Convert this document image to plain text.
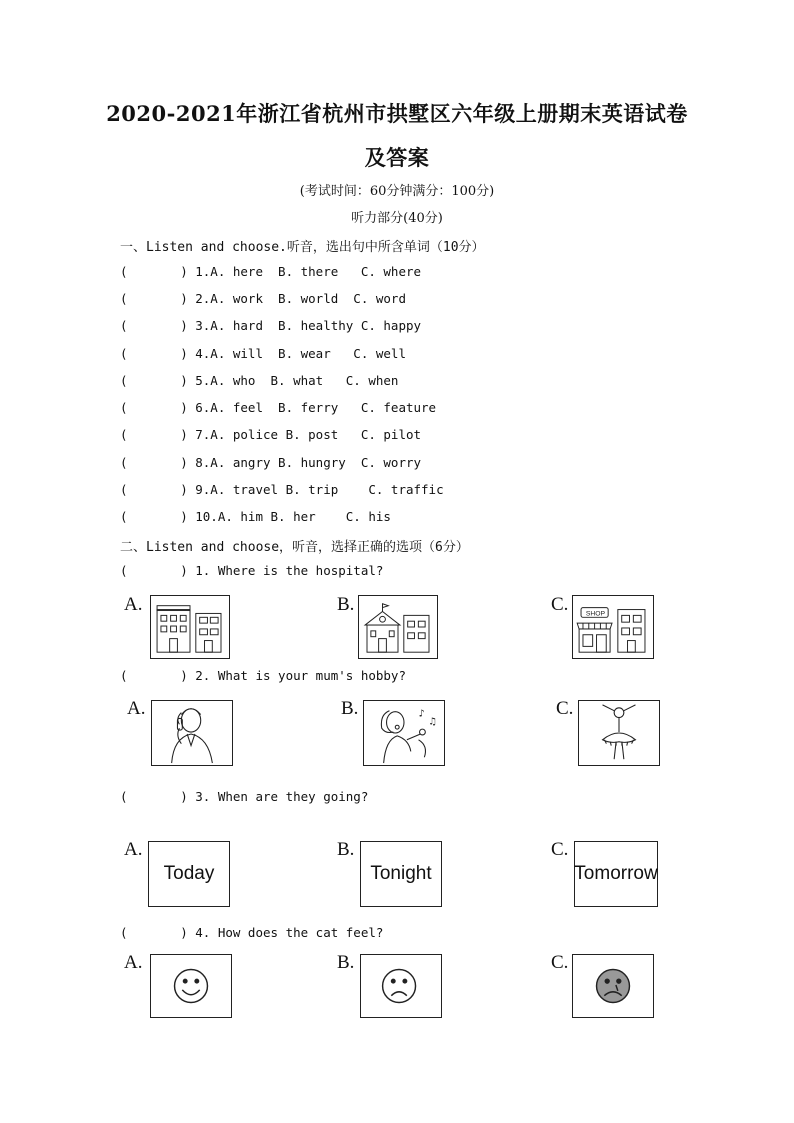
2020-2021年浙江省杭州市拱墅区六年级上册期末英语试卷
及答案
(考试时间：60分钟满分：100分)
听力部分(40分)
一、Listen and choose.听音，选出句中所含单词（10分）
(       ) 1.A. here  B. there   C. where
(       ) 2.A. work  B. world  C. word
(       ) 3.A. hard  B. healthy C. happy
(       ) 4.A. will  B. wear   C. well
(       ) 5.A. who  B. what   C. when
(       ) 6.A. feel  B. ferry   C. feature
(       ) 7.A. police B. post   C. pilot
(       ) 8.A. angry B. hungry  C. worry
(       ) 9.A. travel B. trip    C. traffic
(       ) 10.A. him B. her    C. his
二、Listen and choose，听音，选择正确的选项（6分）
(       ) 1. Where is the hospital?
A.	B.	C. SHOP
(       ) 2. What is your mum's hobby?
A.	B.	♪
♫
C.
(       ) 3. When are they going?
A.
Today
B.
Tonight
C.
Tomorrow
(       ) 4. How does the cat feel?
A.	B.	C.
